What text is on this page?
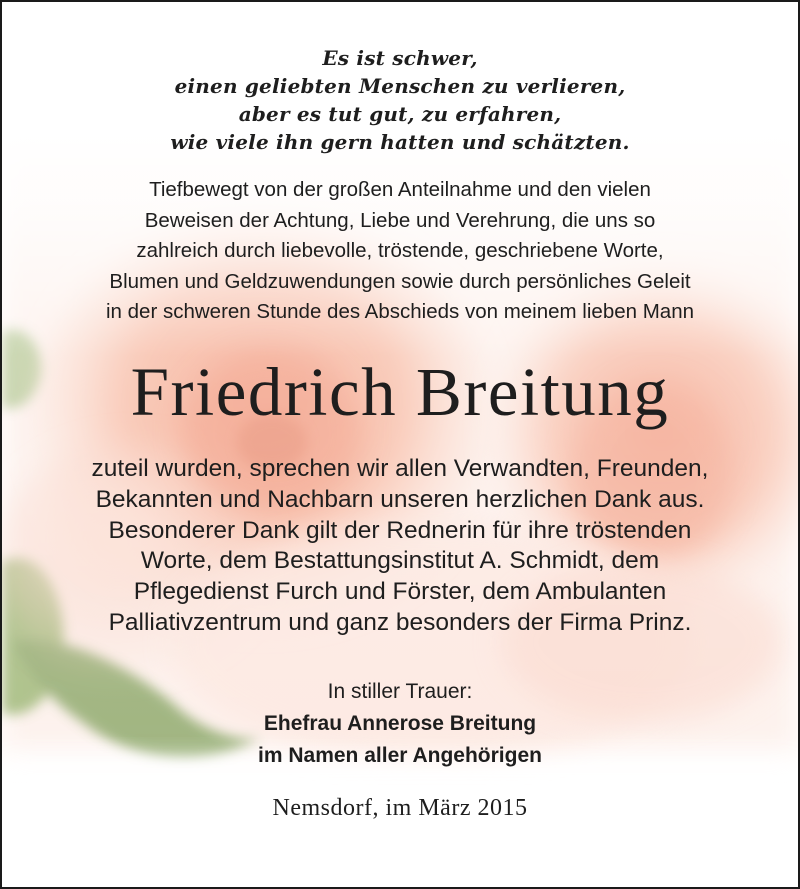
Es ist schwer,
einen geliebten Menschen zu verlieren,
aber es tut gut, zu erfahren,
wie viele ihn gern hatten und schätzten.
Tiefbewegt von der großen Anteilnahme und den vielen
Beweisen der Achtung, Liebe und Verehrung, die uns so
zahlreich durch liebevolle, tröstende, geschriebene Worte,
Blumen und Geldzuwendungen sowie durch persönliches Geleit
in der schweren Stunde des Abschieds von meinem lieben Mann
Friedrich Breitung
zuteil wurden, sprechen wir allen Verwandten, Freunden,
Bekannten und Nachbarn unseren herzlichen Dank aus.
Besonderer Dank gilt der Rednerin für ihre tröstenden
Worte, dem Bestattungsinstitut A. Schmidt, dem
Pflegedienst Furch und Förster, dem Ambulanten
Palliativzentrum und ganz besonders der Firma Prinz.
In stiller Trauer:
Ehefrau Annerose Breitung
im Namen aller Angehörigen
Nemsdorf, im März 2015
